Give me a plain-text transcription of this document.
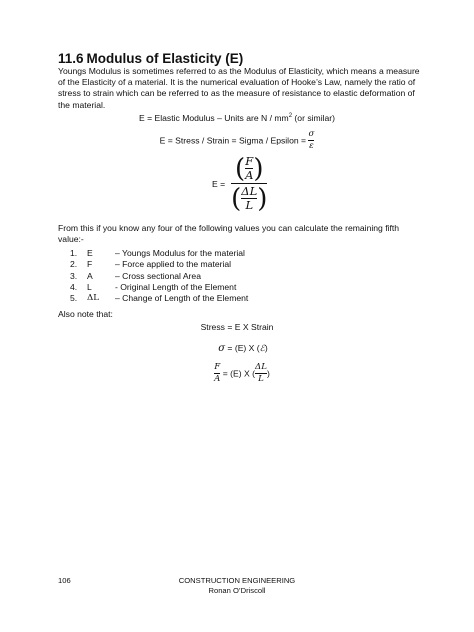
11.6 Modulus of Elasticity (E)
Youngs Modulus is sometimes referred to as the Modulus of Elasticity, which means a measure of the Elasticity of a material. It is the numerical evaluation of Hooke’s Law, namely the ratio of stress to strain which can be referred to as the measure of resistance to elastic deformation of the material.
E = Elastic Modulus – Units are N / $mm^2$ (or similar)
E = Stress / Strain = Sigma / Epsilon = $\frac{\sigma}{\varepsilon}$
E = ( F
A )
( ΔL
L )
From this if you know any four of the following values you can calculate the remaining fifth value:-
1.	E	– Youngs Modulus for the material
2.	F	– Force applied to the material
3.	A	– Cross sectional Area
4.	L	- Original Length of the Element
5.	ΔL	– Change of Length of the Element
Also note that:
Stress = E X Strain
σ = (E) X (ℰ)
$\frac{F}{A} = (E)$ X ( $\frac{\Delta L}{L}$ )
106	CONSTRUCTION ENGINEERING
Ronan O’Driscoll
